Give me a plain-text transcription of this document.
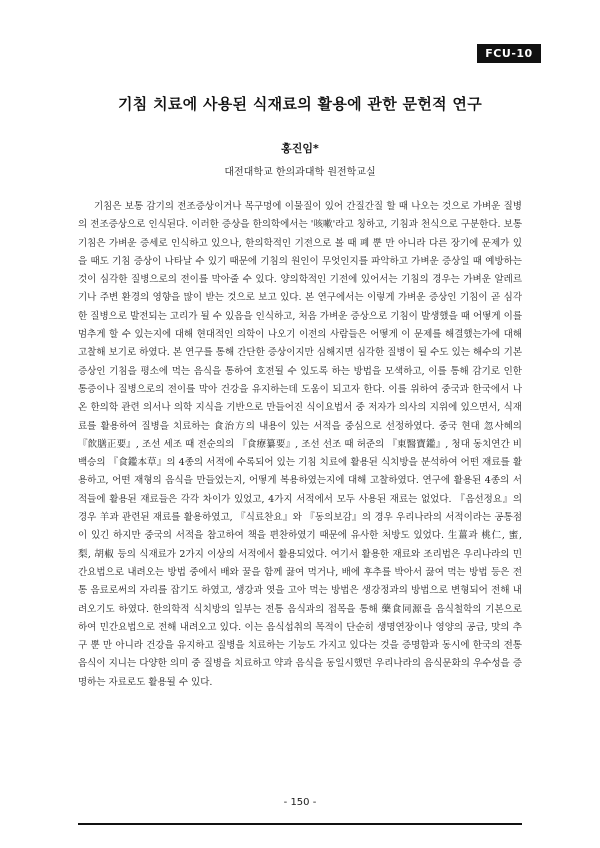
FCU-10
기침 치료에 사용된 식재료의 활용에 관한 문헌적 연구
홍진임*
대전대학교 한의과대학 원전학교실

기침은 보통 감기의 전조증상이거나 목구멍에 이물질이 있어 간질간질 할 때 나오는 것으로 가벼운 질병의 전조증상으로 인식된다. 이러한 증상을 한의학에서는 '咳嗽'라고 칭하고, 기침과 천식으로 구분한다. 보통 기침은 가벼운 증세로 인식하고 있으나, 한의학적인 기전으로 볼 때 폐 뿐 만 아니라 다른 장기에 문제가 있을 때도 기침 증상이 나타날 수 있기 때문에 기침의 원인이 무엇인지를 파악하고 가벼운 증상일 때 예방하는 것이 심각한 질병으로의 전이를 막아줄 수 있다. 양의학적인 기전에 있어서는 기침의 경우는 가벼운 알레르기나 주변 환경의 영향을 많이 받는 것으로 보고 있다. 본 연구에서는 이렇게 가벼운 증상인 기침이 곧 심각한 질병으로 발전되는 고리가 될 수 있음을 인식하고, 처음 가벼운 증상으로 기침이 발생했을 때 어떻게 이를 멈추게 할 수 있는지에 대해 현대적인 의학이 나오기 이전의 사람들은 어떻게 이 문제를 해결했는가에 대해 고찰해 보기로 하였다. 본 연구를 통해 간단한 증상이지만 심해지면 심각한 질병이 될 수도 있는 해수의 기본 증상인 기침을 평소에 먹는 음식을 통하여 호전될 수 있도록 하는 방법을 모색하고, 이를 통해 감기로 인한 통증이나 질병으로의 전이를 막아 건강을 유지하는데 도움이 되고자 한다. 이를 위하여 중국과 한국에서 나온 한의학 관련 의서나 의학 지식을 기반으로 만들어진 식이요법서 중 저자가 의사의 지위에 있으면서, 식재료를 활용하여 질병을 치료하는 食治方의 내용이 있는 서적을 중심으로 선정하였다. 중국 현대 忽사혜의 『飮膳正要』, 조선 세조 때 전순의의 『食療纂要』, 조선 선조 때 허준의 『東醫寶鑑』, 청대 동치연간 비백승의 『食鑑本草』의 4종의 서적에 수록되어 있는 기침 치료에 활용된 식치방을 분석하여 어떤 재료를 활용하고, 어떤 재형의 음식을 만들었는지, 어떻게 복용하였는지에 대해 고찰하였다. 연구에 활용된 4종의 서적들에 활용된 재료들은 각각 차이가 있었고, 4가지 서적에서 모두 사용된 재료는 없었다. 『음선정요』의 경우 羊과 관련된 재료를 활용하였고, 『식료찬요』와 『동의보감』의 경우 우리나라의 서적이라는 공통점이 있긴 하지만 중국의 서적을 참고하여 책을 편찬하였기 때문에 유사한 처방도 있었다. 生薑과 桃仁, 蜜, 梨, 胡椒 등의 식재료가 2가지 이상의 서적에서 활용되었다. 여기서 활용한 재료와 조리법은 우리나라의 민간요법으로 내려오는 방법 중에서 배와 꿀을 함께 끓여 먹거나, 배에 후추를 박아서 끓여 먹는 방법 등은 전통 음료로써의 자리를 잡기도 하였고, 생강과 엿을 고아 먹는 방법은 생강정과의 방법으로 변형되어 전해 내려오기도 하였다. 한의학적 식치방의 일부는 전통 음식과의 접목을 통해 藥食同源을 음식철학의 기본으로 하여 민간요법으로 전해 내려오고 있다. 이는 음식섭취의 목적이 단순히 생명연장이나 영양의 공급, 맛의 추구 뿐 만 아니라 건강을 유지하고 질병을 치료하는 기능도 가지고 있다는 것을 증명함과 동시에 한국의 전통음식이 지니는 다양한 의미 중 질병을 치료하고 약과 음식을 동일시했던 우리나라의 음식문화의 우수성을 증명하는 자료로도 활용될 수 있다.

- 150 -
